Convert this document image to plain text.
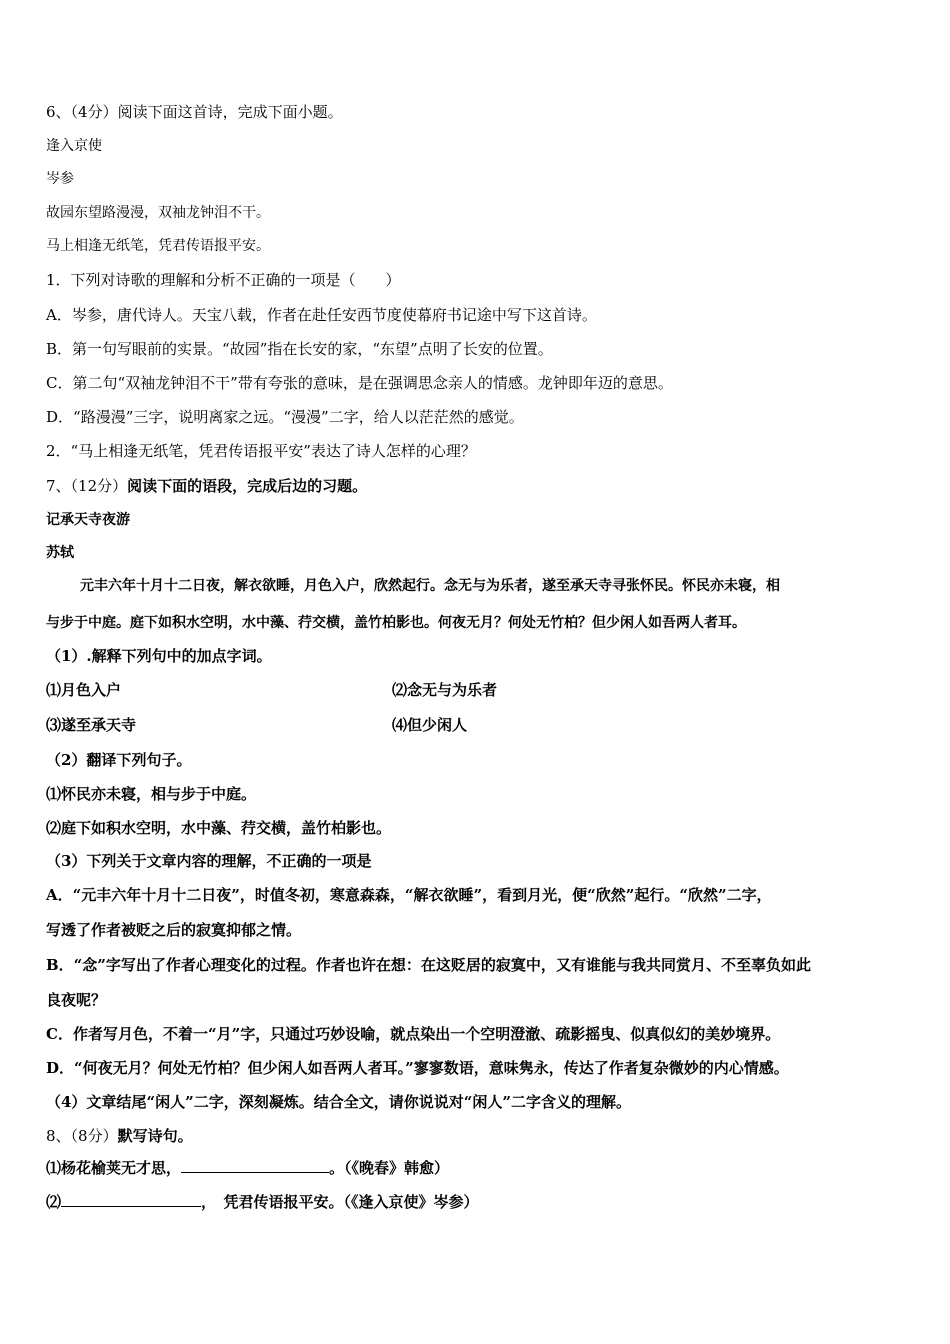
6、（4分）阅读下面这首诗，完成下面小题。
逢入京使
岑参
故园东望路漫漫，双袖龙钟泪不干。
马上相逢无纸笔，凭君传语报平安。
1．下列对诗歌的理解和分析不正确的一项是（　　）
A．岑参，唐代诗人。天宝八载，作者在赴任安西节度使幕府书记途中写下这首诗。
B．第一句写眼前的实景。“故园”指在长安的家，“东望”点明了长安的位置。
C．第二句“双袖龙钟泪不干”带有夸张的意味，是在强调思念亲人的情感。龙钟即年迈的意思。
D．“路漫漫”三字，说明离家之远。“漫漫”二字，给人以茫茫然的感觉。
2．“马上相逢无纸笔，凭君传语报平安”表达了诗人怎样的心理？
7、（12分）阅读下面的语段，完成后边的习题。
记承天寺夜游
苏轼
元丰六年十月十二日夜，解衣欲睡，月色入户，欣然起行。念无与为乐者，遂至承天寺寻张怀民。怀民亦未寝，相
与步于中庭。庭下如积水空明，水中藻、荇交横，盖竹柏影也。何夜无月？何处无竹柏？但少闲人如吾两人者耳。
（1）.解释下列句中的加点字词。
⑴月色入户	⑵念无与为乐者
⑶遂至承天寺	⑷但少闲人
（2）翻译下列句子。
⑴怀民亦未寝，相与步于中庭。
⑵庭下如积水空明，水中藻、荇交横，盖竹柏影也。
（3）下列关于文章内容的理解，不正确的一项是
A．“元丰六年十月十二日夜”，时值冬初，寒意森森，“解衣欲睡”，看到月光，便“欣然”起行。“欣然”二字，
写透了作者被贬之后的寂寞抑郁之情。
B．“念”字写出了作者心理变化的过程。作者也许在想：在这贬居的寂寞中，又有谁能与我共同赏月、不至辜负如此
良夜呢？
C．作者写月色，不着一“月”字，只通过巧妙设喻，就点染出一个空明澄澈、疏影摇曳、似真似幻的美妙境界。
D．“何夜无月？何处无竹柏？但少闲人如吾两人者耳。”寥寥数语，意味隽永，传达了作者复杂微妙的内心情感。
（4）文章结尾“闲人”二字，深刻凝炼。结合全文，请你说说对“闲人”二字含义的理解。
8、（8分）默写诗句。
⑴杨花榆荚无才思，	。（《晚春》韩愈）
⑵	，　凭君传语报平安。（《逢入京使》岑参）
